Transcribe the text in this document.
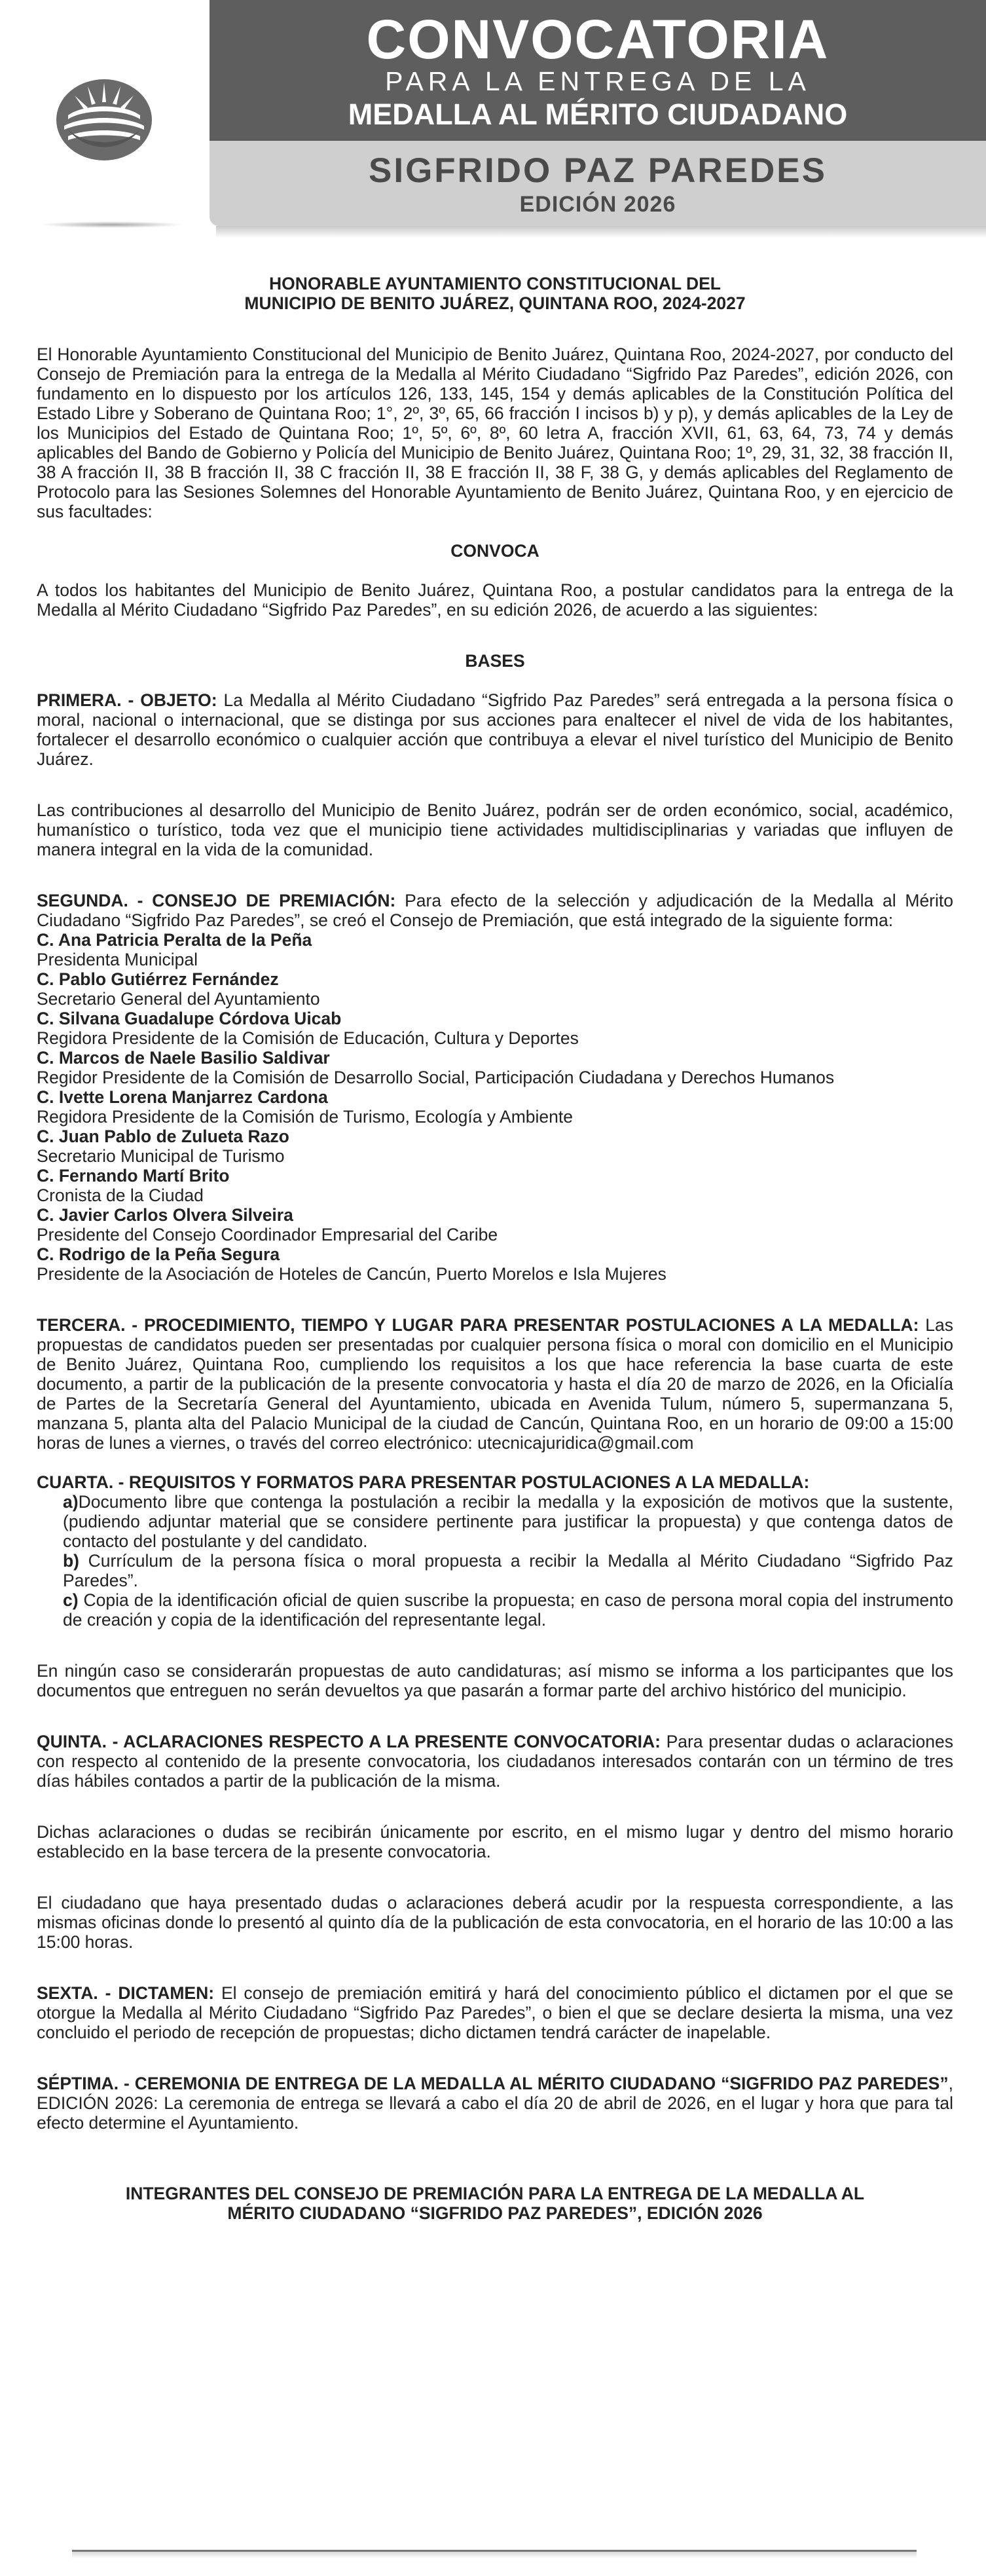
CONVOCATORIA
PARA LA ENTREGA DE LA
MEDALLA AL MÉRITO CIUDADANO
SIGFRIDO PAZ PAREDES
EDICIÓN 2026

HONORABLE AYUNTAMIENTO CONSTITUCIONAL DEL

MUNICIPIO DE BENITO JUÁREZ, QUINTANA ROO, 2024-2027

El Honorable Ayuntamiento Constitucional del Municipio de Benito Juárez, Quintana Roo, 2024-2027, por conducto del Consejo de Premiación para la entrega de la Medalla al Mérito Ciudadano “Sigfrido Paz Paredes”, edición 2026, con fundamento en lo dispuesto por los artículos 126, 133, 145, 154 y demás aplicables de la Constitución Política del Estado Libre y Soberano de Quintana Roo; 1°, 2º, 3º, 65, 66 fracción I incisos b) y p), y demás aplicables de la Ley de los Municipios del Estado de Quintana Roo; 1º, 5º, 6º, 8º, 60 letra A, fracción XVII, 61, 63, 64, 73, 74 y demás aplicables del Bando de Gobierno y Policía del Municipio de Benito Juárez, Quintana Roo; 1º, 29, 31, 32, 38 fracción II, 38 A fracción II, 38 B fracción II, 38 C fracción II, 38 E fracción II, 38 F, 38 G, y demás aplicables del Reglamento de Protocolo para las Sesiones Solemnes del Honorable Ayuntamiento de Benito Juárez, Quintana Roo, y en ejercicio de sus facultades:

CONVOCA

A todos los habitantes del Municipio de Benito Juárez, Quintana Roo, a postular candidatos para la entrega de la Medalla al Mérito Ciudadano “Sigfrido Paz Paredes”, en su edición 2026, de acuerdo a las siguientes:

BASES

PRIMERA. - OBJETO: La Medalla al Mérito Ciudadano “Sigfrido Paz Paredes” será entregada a la persona física o moral, nacional o internacional, que se distinga por sus acciones para enaltecer el nivel de vida de los habitantes, fortalecer el desarrollo económico o cualquier acción que contribuya a elevar el nivel turístico del Municipio de Benito Juárez.

Las contribuciones al desarrollo del Municipio de Benito Juárez, podrán ser de orden económico, social, académico, humanístico o turístico, toda vez que el municipio tiene actividades multidisciplinarias y variadas que influyen de manera integral en la vida de la comunidad.

SEGUNDA. - CONSEJO DE PREMIACIÓN: Para efecto de la selección y adjudicación de la Medalla al Mérito Ciudadano “Sigfrido Paz Paredes”, se creó el Consejo de Premiación, que está integrado de la siguiente forma:

C. Ana Patricia Peralta de la Peña
Presidenta Municipal

C. Pablo Gutiérrez Fernández
Secretario General del Ayuntamiento

C. Silvana Guadalupe Córdova Uicab
Regidora Presidente de la Comisión de Educación, Cultura y Deportes

C. Marcos de Naele Basilio Saldivar
Regidor Presidente de la Comisión de Desarrollo Social, Participación Ciudadana y Derechos Humanos

C. Ivette Lorena Manjarrez Cardona
Regidora Presidente de la Comisión de Turismo, Ecología y Ambiente

C. Juan Pablo de Zulueta Razo
Secretario Municipal de Turismo

C. Fernando Martí Brito
Cronista de la Ciudad

C. Javier Carlos Olvera Silveira
Presidente del Consejo Coordinador Empresarial del Caribe

C. Rodrigo de la Peña Segura
Presidente de la Asociación de Hoteles de Cancún, Puerto Morelos e Isla Mujeres

TERCERA. - PROCEDIMIENTO, TIEMPO Y LUGAR PARA PRESENTAR POSTULACIONES A LA MEDALLA: Las propuestas de candidatos pueden ser presentadas por cualquier persona física o moral con domicilio en el Municipio de Benito Juárez, Quintana Roo, cumpliendo los requisitos a los que hace referencia la base cuarta de este documento, a partir de la publicación de la presente convocatoria y hasta el día 20 de marzo de 2026, en la Oficialía de Partes de la Secretaría General del Ayuntamiento, ubicada en Avenida Tulum, número 5, supermanzana 5, manzana 5, planta alta del Palacio Municipal de la ciudad de Cancún, Quintana Roo, en un horario de 09:00 a 15:00 horas de lunes a viernes, o través del correo electrónico: utecnicajuridica@gmail.com

CUARTA. - REQUISITOS Y FORMATOS PARA PRESENTAR POSTULACIONES A LA MEDALLA:

a)Documento libre que contenga la postulación a recibir la medalla y la exposición de motivos que la sustente, (pudiendo adjuntar material que se considere pertinente para justificar la propuesta) y que contenga datos de contacto del postulante y del candidato.

b) Currículum de la persona física o moral propuesta a recibir la Medalla al Mérito Ciudadano “Sigfrido Paz Paredes”.

c) Copia de la identificación oficial de quien suscribe la propuesta; en caso de persona moral copia del instrumento de creación y copia de la identificación del representante legal.

En ningún caso se considerarán propuestas de auto candidaturas; así mismo se informa a los participantes que los documentos que entreguen no serán devueltos ya que pasarán a formar parte del archivo histórico del municipio.

QUINTA. - ACLARACIONES RESPECTO A LA PRESENTE CONVOCATORIA: Para presentar dudas o aclaraciones con respecto al contenido de la presente convocatoria, los ciudadanos interesados contarán con un término de tres días hábiles contados a partir de la publicación de la misma.

Dichas aclaraciones o dudas se recibirán únicamente por escrito, en el mismo lugar y dentro del mismo horario establecido en la base tercera de la presente convocatoria.

El ciudadano que haya presentado dudas o aclaraciones deberá acudir por la respuesta correspondiente, a las mismas oficinas donde lo presentó al quinto día de la publicación de esta convocatoria, en el horario de las 10:00 a las 15:00 horas.

SEXTA. - DICTAMEN: El consejo de premiación emitirá y hará del conocimiento público el dictamen por el que se otorgue la Medalla al Mérito Ciudadano “Sigfrido Paz Paredes”, o bien el que se declare desierta la misma, una vez concluido el periodo de recepción de propuestas; dicho dictamen tendrá carácter de inapelable.

SÉPTIMA. - CEREMONIA DE ENTREGA DE LA MEDALLA AL MÉRITO CIUDADANO “SIGFRIDO PAZ PAREDES”, EDICIÓN 2026: La ceremonia de entrega se llevará a cabo el día 20 de abril de 2026, en el lugar y hora que para tal efecto determine el Ayuntamiento.

INTEGRANTES DEL CONSEJO DE PREMIACIÓN PARA LA ENTREGA DE LA MEDALLA AL

MÉRITO CIUDADANO “SIGFRIDO PAZ PAREDES”, EDICIÓN 2026
